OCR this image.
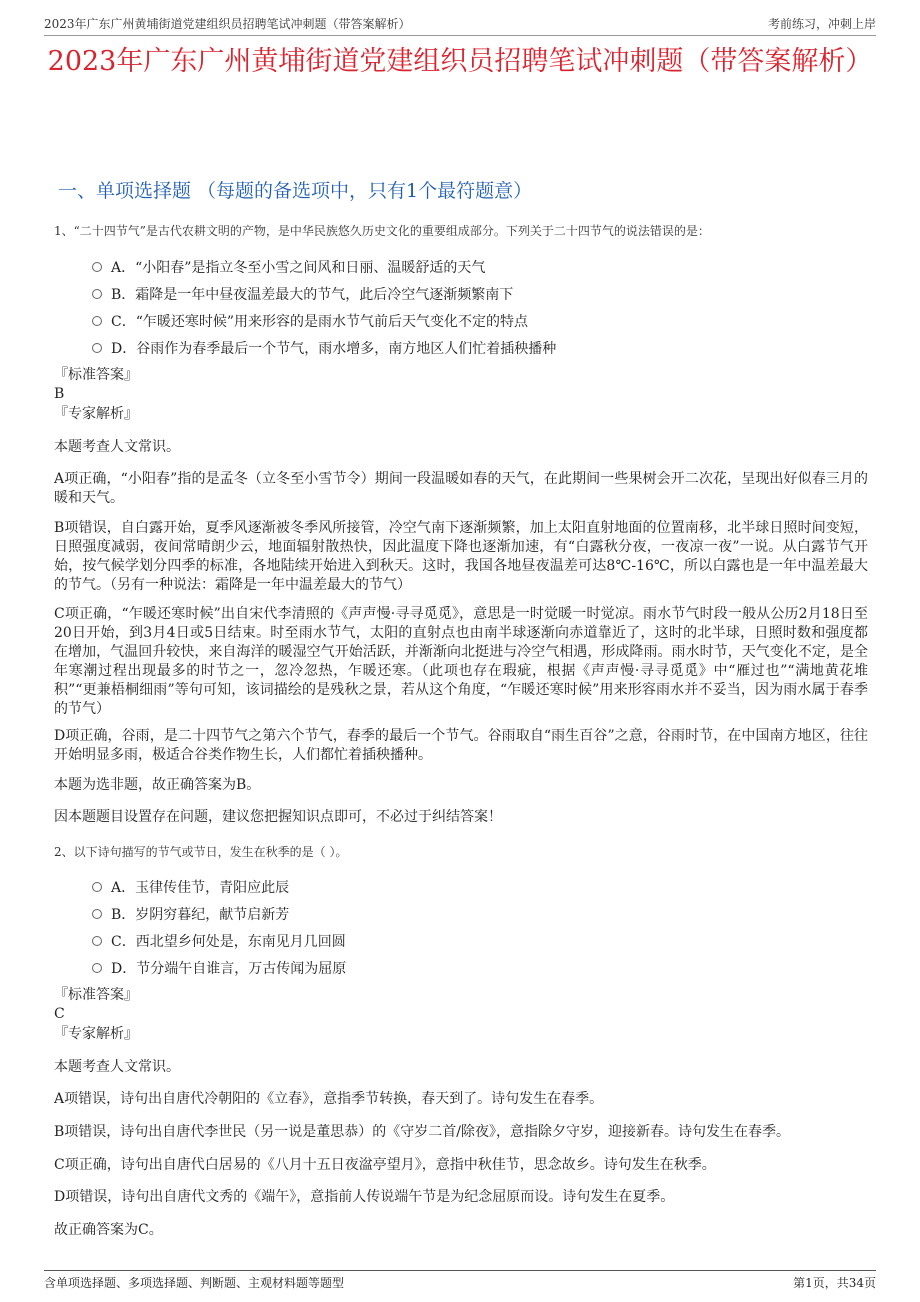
2023年广东广州黄埔街道党建组织员招聘笔试冲刺题（带答案解析）	考前练习，冲刺上岸
2023年广东广州黄埔街道党建组织员招聘笔试冲刺题（带答案解析）
一、单项选择题 （每题的备选项中，只有1个最符题意）
1、“二十四节气”是古代农耕文明的产物，是中华民族悠久历史文化的重要组成部分。下列关于二十四节气的说法错误的是：
A．“小阳春”是指立冬至小雪之间风和日丽、温暖舒适的天气
B．霜降是一年中昼夜温差最大的节气，此后冷空气逐渐频繁南下
C．“乍暖还寒时候”用来形容的是雨水节气前后天气变化不定的特点
D．谷雨作为春季最后一个节气，雨水增多，南方地区人们忙着插秧播种
『标准答案』
B
『专家解析』
本题考查人文常识。
A项正确，“小阳春”指的是孟冬（立冬至小雪节令）期间一段温暖如春的天气，在此期间一些果树会开二次花，呈现出好似春三月的暖和天气。
B项错误，自白露开始，夏季风逐渐被冬季风所接管，冷空气南下逐渐频繁，加上太阳直射地面的位置南移，北半球日照时间变短，日照强度减弱，夜间常晴朗少云，地面辐射散热快，因此温度下降也逐渐加速，有“白露秋分夜，一夜凉一夜”一说。从白露节气开始，按气候学划分四季的标准，各地陆续开始进入到秋天。这时，我国各地昼夜温差可达8℃-16℃，所以白露也是一年中温差最大的节气。（另有一种说法：霜降是一年中温差最大的节气）
C项正确，“乍暖还寒时候”出自宋代李清照的《声声慢·寻寻觅觅》，意思是一时觉暖一时觉凉。雨水节气时段一般从公历2月18日至20日开始，到3月4日或5日结束。时至雨水节气，太阳的直射点也由南半球逐渐向赤道靠近了，这时的北半球，日照时数和强度都在增加，气温回升较快，来自海洋的暖湿空气开始活跃，并渐渐向北挺进与冷空气相遇，形成降雨。雨水时节，天气变化不定，是全年寒潮过程出现最多的时节之一，忽冷忽热，乍暖还寒。（此项也存在瑕疵，根据《声声慢·寻寻觅觅》中“雁过也”“满地黄花堆积”“更兼梧桐细雨”等句可知，该词描绘的是残秋之景，若从这个角度，“乍暖还寒时候”用来形容雨水并不妥当，因为雨水属于春季的节气）
D项正确，谷雨，是二十四节气之第六个节气，春季的最后一个节气。谷雨取自“雨生百谷”之意，谷雨时节，在中国南方地区，往往开始明显多雨，极适合谷类作物生长，人们都忙着插秧播种。
本题为选非题，故正确答案为B。
因本题题目设置存在问题，建议您把握知识点即可，不必过于纠结答案！
2、以下诗句描写的节气或节日，发生在秋季的是（ ）。
A．玉律传佳节，青阳应此辰
B．岁阴穷暮纪，献节启新芳
C．西北望乡何处是，东南见月几回圆
D．节分端午自谁言，万古传闻为屈原
『标准答案』
C
『专家解析』
本题考查人文常识。
A项错误，诗句出自唐代冷朝阳的《立春》，意指季节转换，春天到了。诗句发生在春季。
B项错误，诗句出自唐代李世民（另一说是董思恭）的《守岁二首/除夜》，意指除夕守岁，迎接新春。诗句发生在春季。
C项正确，诗句出自唐代白居易的《八月十五日夜湓亭望月》，意指中秋佳节，思念故乡。诗句发生在秋季。
D项错误，诗句出自唐代文秀的《端午》，意指前人传说端午节是为纪念屈原而设。诗句发生在夏季。
故正确答案为C。
含单项选择题、多项选择题、判断题、主观材料题等题型	第1页，共34页
